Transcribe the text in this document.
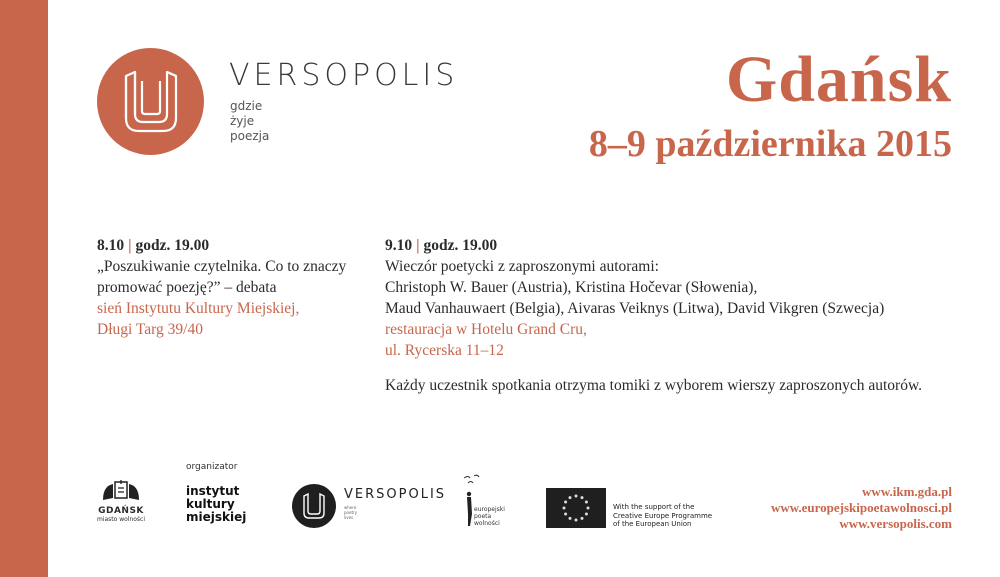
VERSOPOLIS
gdzie
żyje
poezja
Gdańsk
8–9 października 2015
8.10 | godz. 19.00
„Poszukiwanie czytelnika. Co to znaczy
promować poezję?” – debata
sień Instytutu Kultury Miejskiej,
Długi Targ 39/40
9.10 | godz. 19.00
Wieczór poetycki z zaproszonymi autorami:
Christoph W. Bauer (Austria), Kristina Hočevar (Słowenia),
Maud Vanhauwaert (Belgia), Aivaras Veiknys (Litwa), David Vikgren (Szwecja)
restauracja w Hotelu Grand Cru,
ul. Rycerska 11–12
Każdy uczestnik spotkania otrzyma tomiki z wyborem wierszy zaproszonych autorów.
organizator
GDAŃSK
miasto wolności
instytut
kultury
miejskiej
VERSOPOLIS
where
poetry
lives
europejski
poeta
wolności
With the support of the
Creative Europe Programme
of the European Union
www.ikm.gda.pl
www.europejskipoetawolnosci.pl
www.versopolis.com
